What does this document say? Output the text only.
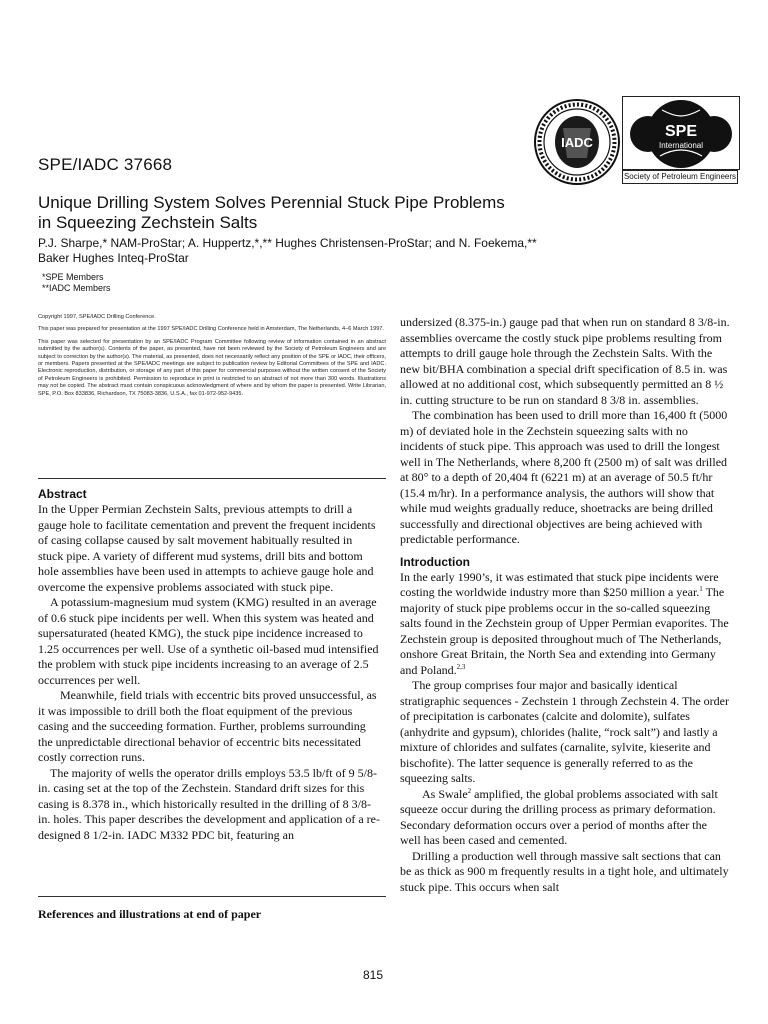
IADC
SPE
International
Society of Petroleum Engineers
SPE/IADC 37668
Unique Drilling System Solves Perennial Stuck Pipe Problems
in Squeezing Zechstein Salts
P.J. Sharpe,* NAM-ProStar; A. Huppertz,*,** Hughes Christensen-ProStar; and N. Foekema,**
Baker Hughes Inteq-ProStar
*SPE Members
**IADC Members

Copyright 1997, SPE/IADC Drilling Conference.

This paper was prepared for presentation at the 1997 SPE/IADC Drilling Conference held in Amsterdam, The Netherlands, 4–6 March 1997.

This paper was selected for presentation by an SPE/IADC Program Committee following review of information contained in an abstract submitted by the author(s). Contents of the paper, as presented, have not been reviewed by the Society of Petroleum Engineers and are subject to correction by the author(s). The material, as presented, does not necessarily reflect any position of the SPE or IADC, their officers, or members. Papers presented at the SPE/IADC meetings are subject to publication review by Editorial Committees of the SPE and IADC. Electronic reproduction, distribution, or storage of any part of this paper for commercial purposes without the written consent of the Society of Petroleum Engineers is prohibited. Permission to reproduce in print is restricted to an abstract of not more than 300 words. Illustrations may not be copied. The abstract must contain conspicuous acknowledgment of where and by whom the paper is presented. Write Librarian, SPE, P.O. Box 833836, Richardson, TX 75083-3836, U.S.A., fax 01-972-952-9435.

Abstract

In the Upper Permian Zechstein Salts, previous attempts to drill a gauge hole to facilitate cementation and prevent the frequent incidents of casing collapse caused by salt movement habitually resulted in stuck pipe. A variety of different mud systems, drill bits and bottom hole assemblies have been used in attempts to achieve gauge hole and overcome the expensive problems associated with stuck pipe.

A potassium-magnesium mud system (KMG) resulted in an average of 0.6 stuck pipe incidents per well. When this system was heated and supersaturated (heated KMG), the stuck pipe incidence increased to 1.25 occurrences per well. Use of a synthetic oil-based mud intensified the problem with stuck pipe incidents increasing to an average of 2.5 occurrences per well.

Meanwhile, field trials with eccentric bits proved unsuccessful, as it was impossible to drill both the float equipment of the previous casing and the succeeding formation. Further, problems surrounding the unpredictable directional behavior of eccentric bits necessitated costly correction runs.

The majority of wells the operator drills employs 53.5 lb/ft of 9 5/8-in. casing set at the top of the Zechstein. Standard drift sizes for this casing is 8.378 in., which historically resulted in the drilling of 8 3/8-in. holes. This paper describes the development and application of a re-designed 8 1/2-in. IADC M332 PDC bit, featuring an

References and illustrations at end of paper

undersized (8.375-in.) gauge pad that when run on standard 8 3/8-in. assemblies overcame the costly stuck pipe problems resulting from attempts to drill gauge hole through the Zechstein Salts. With the new bit/BHA combination a special drift specification of 8.5 in. was allowed at no additional cost, which subsequently permitted an 8 ½ in. cutting structure to be run on standard 8 3/8 in. assemblies.

The combination has been used to drill more than 16,400 ft (5000 m) of deviated hole in the Zechstein squeezing salts with no incidents of stuck pipe. This approach was used to drill the longest well in The Netherlands, where 8,200 ft (2500 m) of salt was drilled at 80° to a depth of 20,404 ft (6221 m) at an average of 50.5 ft/hr (15.4 m/hr). In a performance analysis, the authors will show that while mud weights gradually reduce, shoetracks are being drilled successfully and directional objectives are being achieved with predictable performance.

Introduction

In the early 1990’s, it was estimated that stuck pipe incidents were costing the worldwide industry more than $250 million a year.$^1$ The majority of stuck pipe problems occur in the so-called squeezing salts found in the Zechstein group of Upper Permian evaporites. The Zechstein group is deposited throughout much of The Netherlands, onshore Great Britain, the North Sea and extending into Germany and Poland.$^{2,3}$

The group comprises four major and basically identical stratigraphic sequences - Zechstein 1 through Zechstein 4. The order of precipitation is carbonates (calcite and dolomite), sulfates (anhydrite and gypsum), chlorides (halite, “rock salt”) and lastly a mixture of chlorides and sulfates (carnalite, sylvite, kieserite and bischofite). The latter sequence is generally referred to as the squeezing salts.

As Swale$^2$ amplified, the global problems associated with salt squeeze occur during the drilling process as primary deformation. Secondary deformation occurs over a period of months after the well has been cased and cemented.

Drilling a production well through massive salt sections that can be as thick as 900 m frequently results in a tight hole, and ultimately stuck pipe. This occurs when salt

815
